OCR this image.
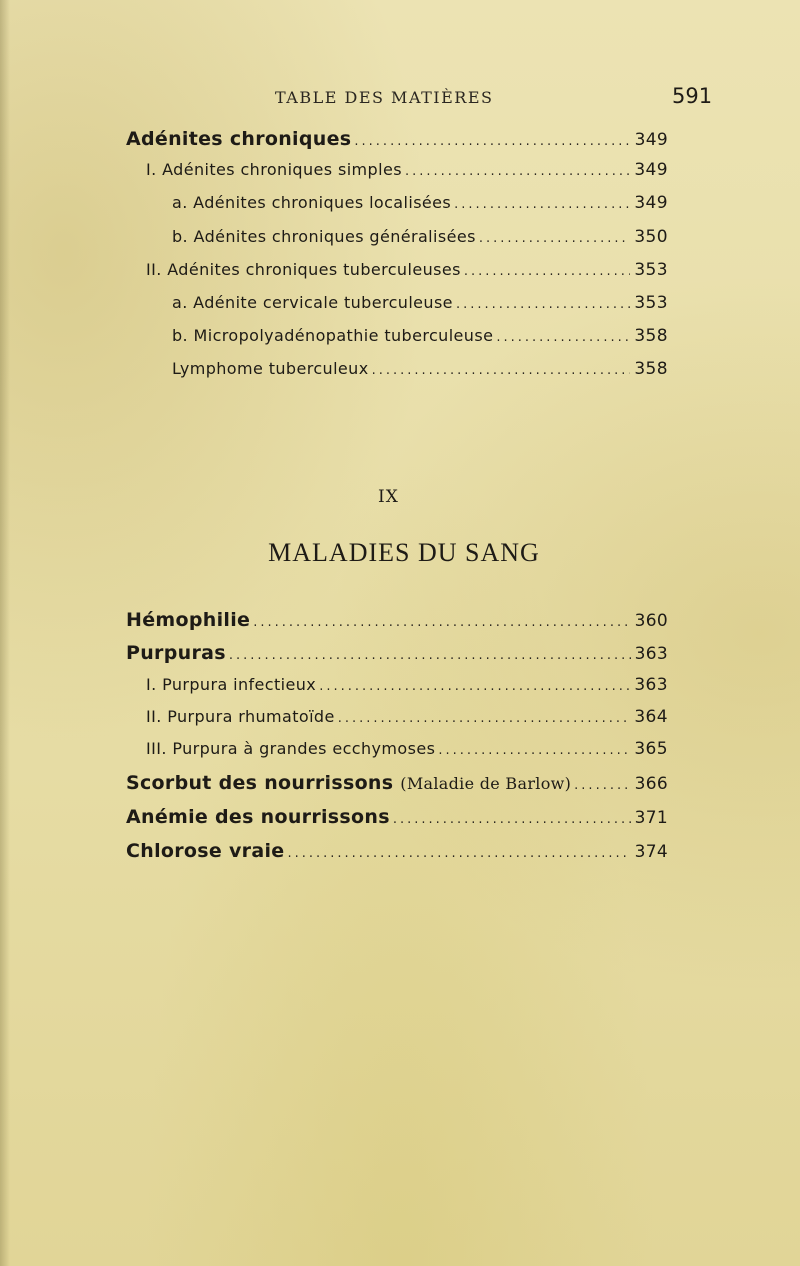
TABLE DES MATIÈRES	591
Adénites chroniques .....	349
I. Adénites chroniques simples .....	349
a. Adénites chroniques localisées .....	349
b. Adénites chroniques généralisées .....	350
II. Adénites chroniques tuberculeuses .....	353
a. Adénite cervicale tuberculeuse .....	353
b. Micropolyadénopathie tuberculeuse .....	358
Lymphome tuberculeux .....	358
IX
MALADIES DU SANG
Hémophilie .....	360
Purpuras .....	363
I. Purpura infectieux .....	363
II. Purpura rhumatoïde .....	364
III. Purpura à grandes ecchymoses .....	365
Scorbut des nourrissons (Maladie de Barlow) .....	366
Anémie des nourrissons .....	371
Chlorose vraie .....	374
